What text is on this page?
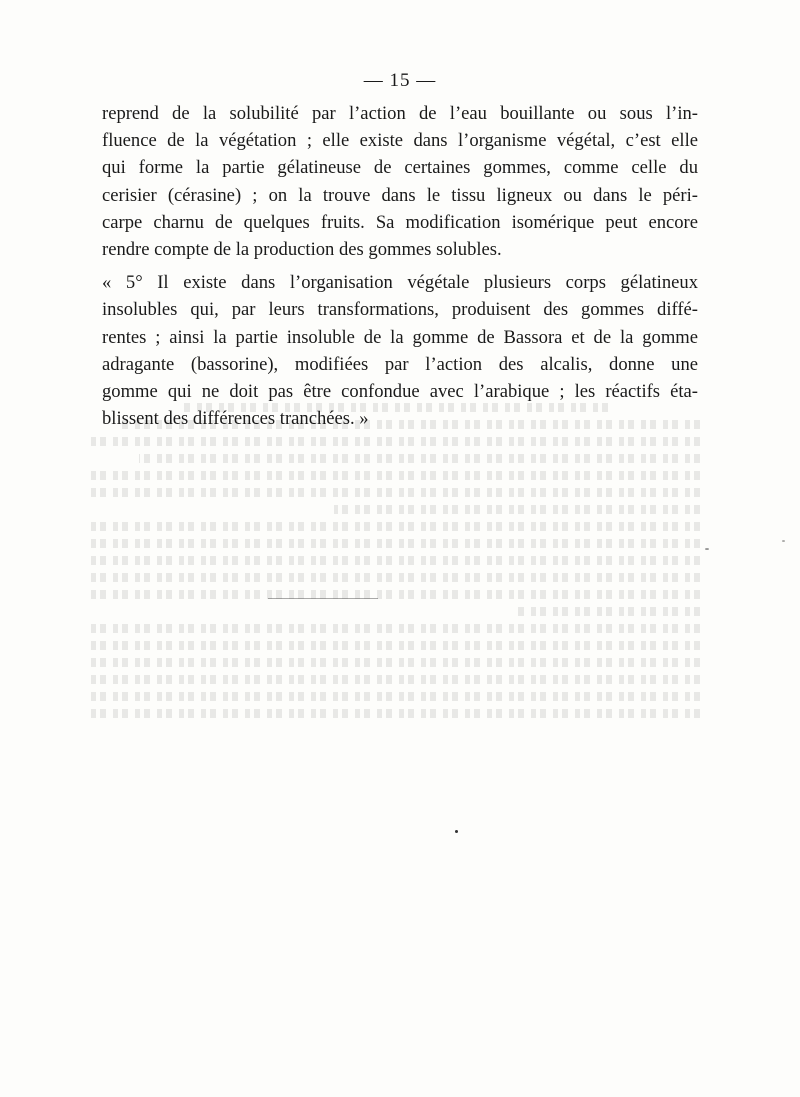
— 15 —

reprend de la solubilité par l’action de l’eau bouillante ou sous l’in-
fluence de la végétation ; elle existe dans l’organisme végétal, c’est elle
qui forme la partie gélatineuse de certaines gommes, comme celle du
cerisier (cérasine) ; on la trouve dans le tissu ligneux ou dans le péri-
carpe charnu de quelques fruits. Sa modification isomérique peut encore
rendre compte de la production des gommes solubles.

« 5° Il existe dans l’organisation végétale plusieurs corps gélatineux
insolubles qui, par leurs transformations, produisent des gommes diffé-
rentes ; ainsi la partie insoluble de la gomme de Bassora et de la gomme
adragante (bassorine), modifiées par l’action des alcalis, donne une
gomme qui ne doit pas être confondue avec l’arabique ; les réactifs éta-
blissent des différences tranchées. »
